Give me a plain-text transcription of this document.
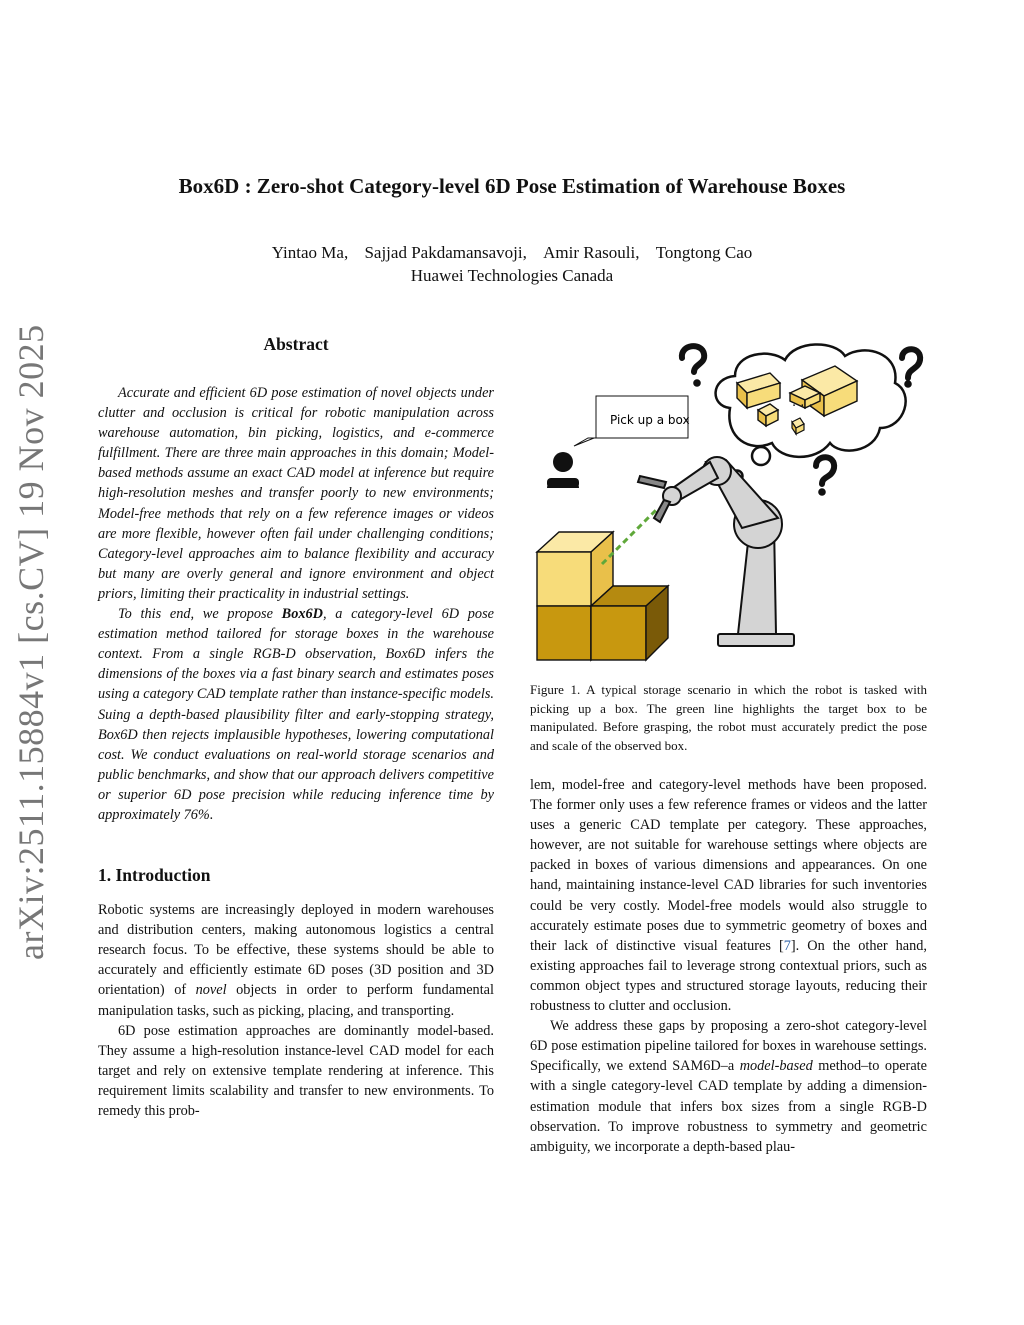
arXiv:2511.15884v1 [cs.CV] 19 Nov 2025
Box6D : Zero-shot Category-level 6D Pose Estimation of Warehouse Boxes
Yintao Ma, Sajjad Pakdamansavoji, Amir Rasouli, Tongtong Cao
Huawei Technologies Canada
Abstract

Accurate and efficient 6D pose estimation of novel objects under clutter and occlusion is critical for robotic manipulation across warehouse automation, bin picking, logistics, and e-commerce fulfillment. There are three main approaches in this domain; Model-based methods assume an exact CAD model at inference but require high-resolution meshes and transfer poorly to new environments; Model-free methods that rely on a few reference images or videos are more flexible, however often fail under challenging conditions; Category-level approaches aim to balance flexibility and accuracy but many are overly general and ignore environment and object priors, limiting their practicality in industrial settings.

To this end, we propose Box6D, a category-level 6D pose estimation method tailored for storage boxes in the warehouse context. From a single RGB-D observation, Box6D infers the dimensions of the boxes via a fast binary search and estimates poses using a category CAD template rather than instance-specific models. Suing a depth-based plausibility filter and early-stopping strategy, Box6D then rejects implausible hypotheses, lowering computational cost. We conduct evaluations on real-world storage scenarios and public benchmarks, and show that our approach delivers competitive or superior 6D pose precision while reducing inference time by approximately 76%.

1. Introduction

Robotic systems are increasingly deployed in modern warehouses and distribution centers, making autonomous logistics a central research focus. To be effective, these systems should be able to accurately and efficiently estimate 6D poses (3D position and 3D orientation) of novel objects in order to perform fundamental manipulation tasks, such as picking, placing, and transporting.

6D pose estimation approaches are dominantly model-based. They assume a high-resolution instance-level CAD model for each target and rely on extensive template rendering at inference. This requirement limits scalability and transfer to new environments. To remedy this prob-

. . .
Pick up a box
Figure 1. A typical storage scenario in which the robot is tasked with picking up a box. The green line highlights the target box to be manipulated. Before grasping, the robot must accurately predict the pose and scale of the observed box.

lem, model-free and category-level methods have been proposed. The former only uses a few reference frames or videos and the latter uses a generic CAD template per category. These approaches, however, are not suitable for warehouse settings where objects are packed in boxes of various dimensions and appearances. On one hand, maintaining instance-level CAD libraries for such inventories could be very costly. Model-free models would also struggle to accurately estimate poses due to symmetric geometry of boxes and their lack of distinctive visual features [7]. On the other hand, existing approaches fail to leverage strong contextual priors, such as common object types and structured storage layouts, reducing their robustness to clutter and occlusion.

We address these gaps by proposing a zero-shot category-level 6D pose estimation pipeline tailored for boxes in warehouse settings. Specifically, we extend SAM6D–a model-based method–to operate with a single category-level CAD template by adding a dimension-estimation module that infers box sizes from a single RGB-D observation. To improve robustness to symmetry and geometric ambiguity, we incorporate a depth-based plau-
